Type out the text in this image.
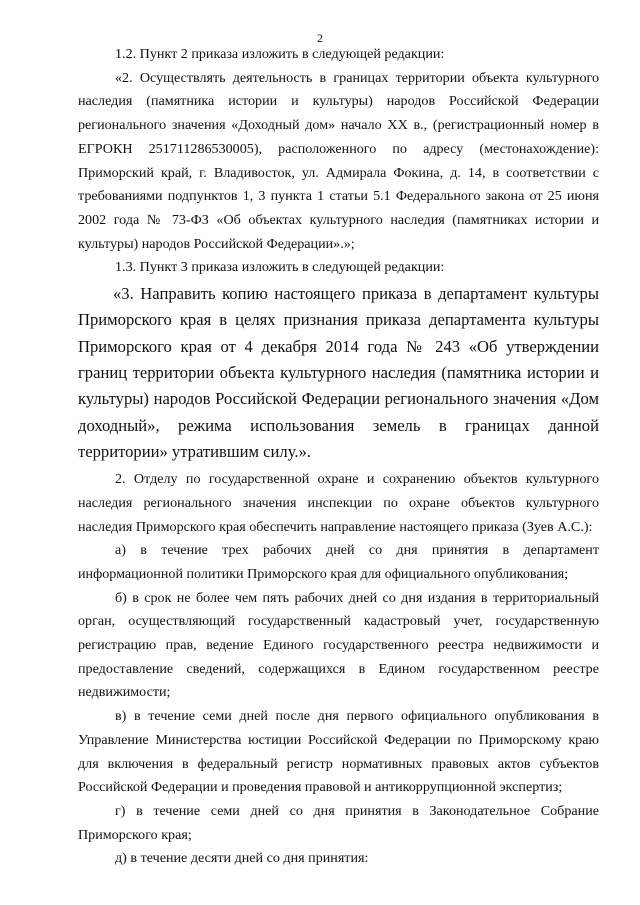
2

1.2. Пункт 2 приказа изложить в следующей редакции:

«2. Осуществлять деятельность в границах территории объекта культурного наследия (памятника истории и культуры) народов Российской Федерации регионального значения «Доходный дом» начало XX в., (регистрационный номер в ЕГРОКН 251711286530005), расположенного по адресу (местонахождение): Приморский край, г. Владивосток, ул. Адмирала Фокина, д. 14, в соответствии с требованиями подпунктов 1, 3 пункта 1 статьи 5.1 Федерального закона от 25 июня 2002 года № 73-ФЗ «Об объектах культурного наследия (памятниках истории и культуры) народов Российской Федерации».»;

1.3. Пункт 3 приказа изложить в следующей редакции:

«3. Направить копию настоящего приказа в департамент культуры Приморского края в целях признания приказа департамента культуры Приморского края от 4 декабря 2014 года № 243 «Об утверждении границ территории объекта культурного наследия (памятника истории и культуры) народов Российской Федерации регионального значения «Дом доходный», режима использования земель в границах данной территории» утратившим силу.».

2. Отделу по государственной охране и сохранению объектов культурного наследия регионального значения инспекции по охране объектов культурного наследия Приморского края обеспечить направление настоящего приказа (Зуев А.С.):

а) в течение трех рабочих дней со дня принятия в департамент информационной политики Приморского края для официального опубликования;

б) в срок не более чем пять рабочих дней со дня издания в территориальный орган, осуществляющий государственный кадастровый учет, государственную регистрацию прав, ведение Единого государственного реестра недвижимости и предоставление сведений, содержащихся в Едином государственном реестре недвижимости;

в) в течение семи дней после дня первого официального опубликования в Управление Министерства юстиции Российской Федерации по Приморскому краю для включения в федеральный регистр нормативных правовых актов субъектов Российской Федерации и проведения правовой и антикоррупционной экспертиз;

г) в течение семи дней со дня принятия в Законодательное Собрание Приморского края;

д) в течение десяти дней со дня принятия:
